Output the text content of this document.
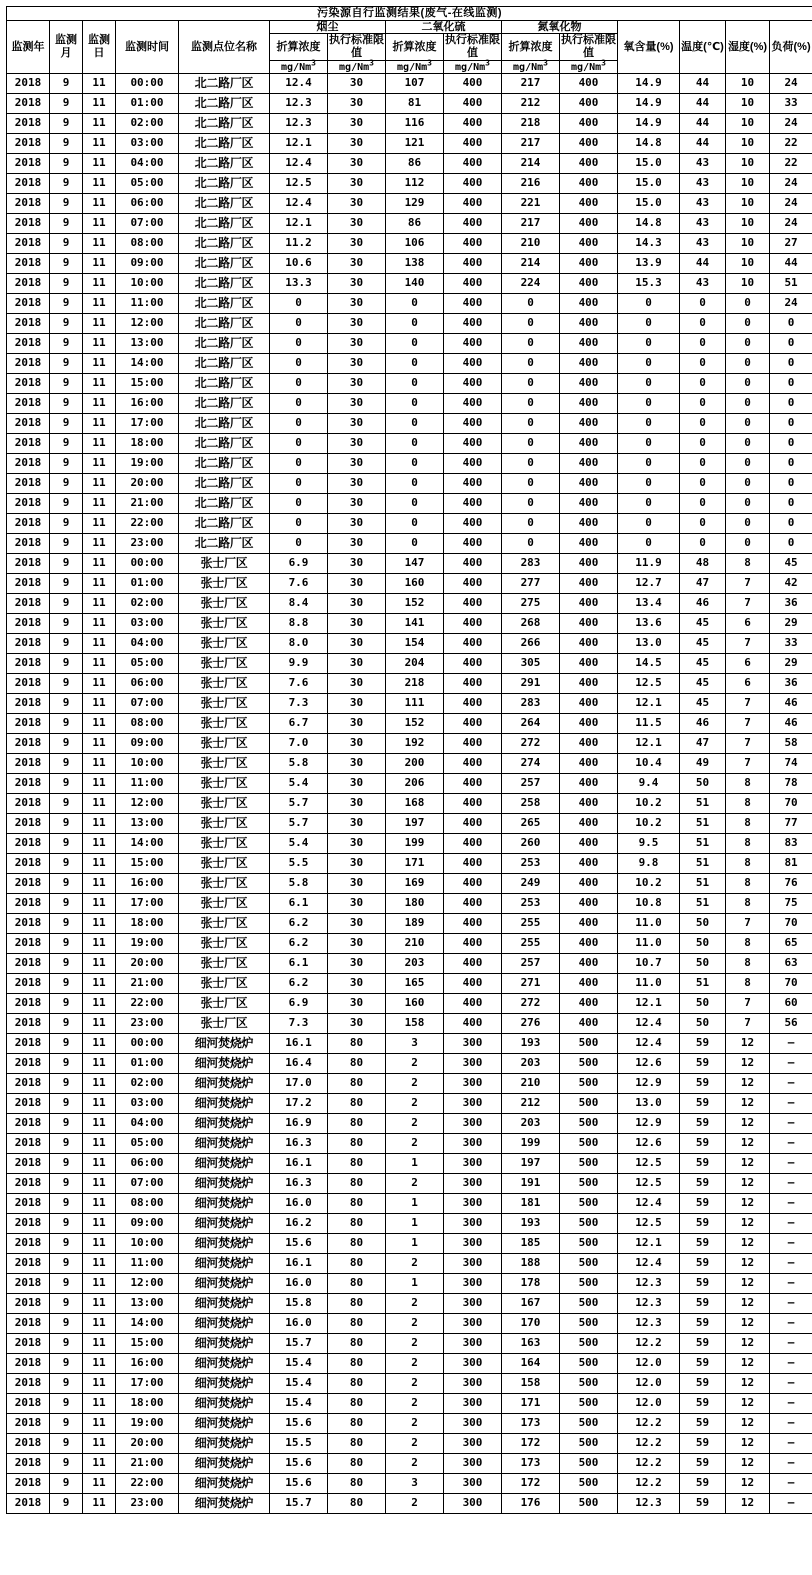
污染源自行监测结果(废气-在线监测)														
监测年	监测月	监测日	监测时间	监测点位名称	烟尘		二氧化硫		氮氧化物		氧含量(%)	温度(℃)	湿度(%)	负荷(%)
					折算浓度	执行标准限值	折算浓度	执行标准限值	折算浓度	执行标准限值				

					mg/Nm$^3$	mg/Nm$^3$	mg/Nm$^3$	mg/Nm$^3$	mg/Nm$^3$	mg/Nm$^3$

2018	9	11	00:00	北二路厂区	12.4	30	107	400	217	400	14.9	44	10	24
2018	9	11	01:00	北二路厂区	12.3	30	81	400	212	400	14.9	44	10	33
2018	9	11	02:00	北二路厂区	12.3	30	116	400	218	400	14.9	44	10	24
2018	9	11	03:00	北二路厂区	12.1	30	121	400	217	400	14.8	44	10	22
2018	9	11	04:00	北二路厂区	12.4	30	86	400	214	400	15.0	43	10	22
2018	9	11	05:00	北二路厂区	12.5	30	112	400	216	400	15.0	43	10	24
2018	9	11	06:00	北二路厂区	12.4	30	129	400	221	400	15.0	43	10	24
2018	9	11	07:00	北二路厂区	12.1	30	86	400	217	400	14.8	43	10	24
2018	9	11	08:00	北二路厂区	11.2	30	106	400	210	400	14.3	43	10	27
2018	9	11	09:00	北二路厂区	10.6	30	138	400	214	400	13.9	44	10	44
2018	9	11	10:00	北二路厂区	13.3	30	140	400	224	400	15.3	43	10	51
2018	9	11	11:00	北二路厂区	0	30	0	400	0	400	0	0	0	24
2018	9	11	12:00	北二路厂区	0	30	0	400	0	400	0	0	0	0
2018	9	11	13:00	北二路厂区	0	30	0	400	0	400	0	0	0	0
2018	9	11	14:00	北二路厂区	0	30	0	400	0	400	0	0	0	0
2018	9	11	15:00	北二路厂区	0	30	0	400	0	400	0	0	0	0
2018	9	11	16:00	北二路厂区	0	30	0	400	0	400	0	0	0	0
2018	9	11	17:00	北二路厂区	0	30	0	400	0	400	0	0	0	0
2018	9	11	18:00	北二路厂区	0	30	0	400	0	400	0	0	0	0
2018	9	11	19:00	北二路厂区	0	30	0	400	0	400	0	0	0	0
2018	9	11	20:00	北二路厂区	0	30	0	400	0	400	0	0	0	0
2018	9	11	21:00	北二路厂区	0	30	0	400	0	400	0	0	0	0
2018	9	11	22:00	北二路厂区	0	30	0	400	0	400	0	0	0	0
2018	9	11	23:00	北二路厂区	0	30	0	400	0	400	0	0	0	0
2018	9	11	00:00	张士厂区	6.9	30	147	400	283	400	11.9	48	8	45
2018	9	11	01:00	张士厂区	7.6	30	160	400	277	400	12.7	47	7	42
2018	9	11	02:00	张士厂区	8.4	30	152	400	275	400	13.4	46	7	36
2018	9	11	03:00	张士厂区	8.8	30	141	400	268	400	13.6	45	6	29
2018	9	11	04:00	张士厂区	8.0	30	154	400	266	400	13.0	45	7	33
2018	9	11	05:00	张士厂区	9.9	30	204	400	305	400	14.5	45	6	29
2018	9	11	06:00	张士厂区	7.6	30	218	400	291	400	12.5	45	6	36
2018	9	11	07:00	张士厂区	7.3	30	111	400	283	400	12.1	45	7	46
2018	9	11	08:00	张士厂区	6.7	30	152	400	264	400	11.5	46	7	46
2018	9	11	09:00	张士厂区	7.0	30	192	400	272	400	12.1	47	7	58
2018	9	11	10:00	张士厂区	5.8	30	200	400	274	400	10.4	49	7	74
2018	9	11	11:00	张士厂区	5.4	30	206	400	257	400	9.4	50	8	78
2018	9	11	12:00	张士厂区	5.7	30	168	400	258	400	10.2	51	8	70
2018	9	11	13:00	张士厂区	5.7	30	197	400	265	400	10.2	51	8	77
2018	9	11	14:00	张士厂区	5.4	30	199	400	260	400	9.5	51	8	83
2018	9	11	15:00	张士厂区	5.5	30	171	400	253	400	9.8	51	8	81
2018	9	11	16:00	张士厂区	5.8	30	169	400	249	400	10.2	51	8	76
2018	9	11	17:00	张士厂区	6.1	30	180	400	253	400	10.8	51	8	75
2018	9	11	18:00	张士厂区	6.2	30	189	400	255	400	11.0	50	7	70
2018	9	11	19:00	张士厂区	6.2	30	210	400	255	400	11.0	50	8	65
2018	9	11	20:00	张士厂区	6.1	30	203	400	257	400	10.7	50	8	63
2018	9	11	21:00	张士厂区	6.2	30	165	400	271	400	11.0	51	8	70
2018	9	11	22:00	张士厂区	6.9	30	160	400	272	400	12.1	50	7	60
2018	9	11	23:00	张士厂区	7.3	30	158	400	276	400	12.4	50	7	56
2018	9	11	00:00	细河焚烧炉	16.1	80	3	300	193	500	12.4	59	12	–
2018	9	11	01:00	细河焚烧炉	16.4	80	2	300	203	500	12.6	59	12	–
2018	9	11	02:00	细河焚烧炉	17.0	80	2	300	210	500	12.9	59	12	–
2018	9	11	03:00	细河焚烧炉	17.2	80	2	300	212	500	13.0	59	12	–
2018	9	11	04:00	细河焚烧炉	16.9	80	2	300	203	500	12.9	59	12	–
2018	9	11	05:00	细河焚烧炉	16.3	80	2	300	199	500	12.6	59	12	–
2018	9	11	06:00	细河焚烧炉	16.1	80	1	300	197	500	12.5	59	12	–
2018	9	11	07:00	细河焚烧炉	16.3	80	2	300	191	500	12.5	59	12	–
2018	9	11	08:00	细河焚烧炉	16.0	80	1	300	181	500	12.4	59	12	–
2018	9	11	09:00	细河焚烧炉	16.2	80	1	300	193	500	12.5	59	12	–
2018	9	11	10:00	细河焚烧炉	15.6	80	1	300	185	500	12.1	59	12	–
2018	9	11	11:00	细河焚烧炉	16.1	80	2	300	188	500	12.4	59	12	–
2018	9	11	12:00	细河焚烧炉	16.0	80	1	300	178	500	12.3	59	12	–
2018	9	11	13:00	细河焚烧炉	15.8	80	2	300	167	500	12.3	59	12	–
2018	9	11	14:00	细河焚烧炉	16.0	80	2	300	170	500	12.3	59	12	–
2018	9	11	15:00	细河焚烧炉	15.7	80	2	300	163	500	12.2	59	12	–
2018	9	11	16:00	细河焚烧炉	15.4	80	2	300	164	500	12.0	59	12	–
2018	9	11	17:00	细河焚烧炉	15.4	80	2	300	158	500	12.0	59	12	–
2018	9	11	18:00	细河焚烧炉	15.4	80	2	300	171	500	12.0	59	12	–
2018	9	11	19:00	细河焚烧炉	15.6	80	2	300	173	500	12.2	59	12	–
2018	9	11	20:00	细河焚烧炉	15.5	80	2	300	172	500	12.2	59	12	–
2018	9	11	21:00	细河焚烧炉	15.6	80	2	300	173	500	12.2	59	12	–
2018	9	11	22:00	细河焚烧炉	15.6	80	3	300	172	500	12.2	59	12	–
2018	9	11	23:00	细河焚烧炉	15.7	80	2	300	176	500	12.3	59	12	–
